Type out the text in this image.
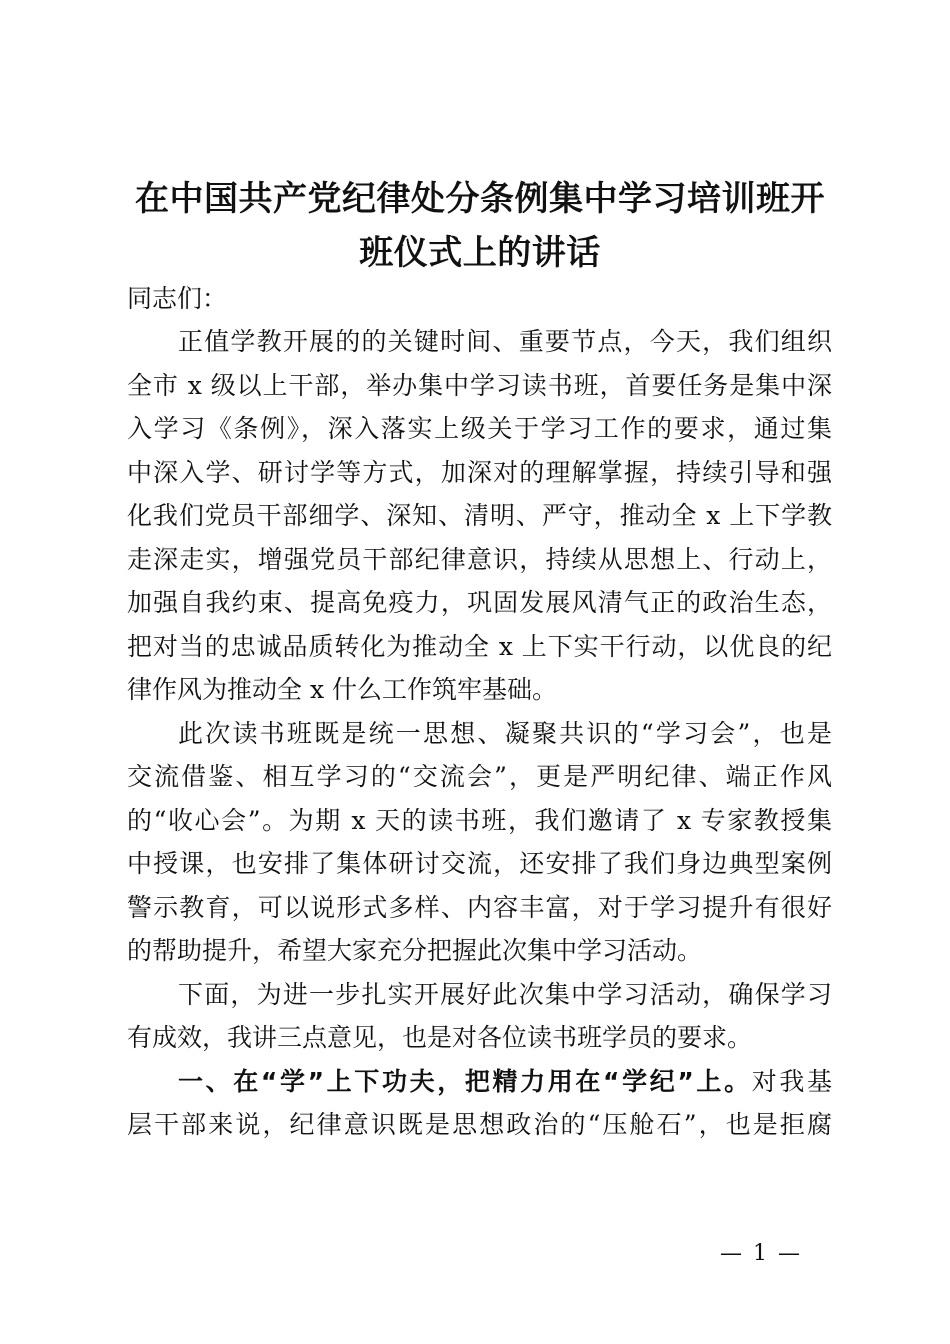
在中国共产党纪律处分条例集中学习培训班开
班仪式上的讲话

同志们：

正值学教开展的的关键时间、重要节点，今天，我们组织
全市 x 级以上干部，举办集中学习读书班，首要任务是集中深
入学习《条例》，深入落实上级关于学习工作的要求，通过集
中深入学、研讨学等方式，加深对的理解掌握，持续引导和强
化我们党员干部细学、深知、清明、严守，推动全 x 上下学教
走深走实，增强党员干部纪律意识，持续从思想上、行动上，
加强自我约束、提高免疫力，巩固发展风清气正的政治生态，
把对当的忠诚品质转化为推动全 x 上下实干行动，以优良的纪
律作风为推动全 x 什么工作筑牢基础。

此次读书班既是统一思想、凝聚共识的“学习会”，也是
交流借鉴、相互学习的“交流会”，更是严明纪律、端正作风
的“收心会”。为期 x 天的读书班，我们邀请了 x 专家教授集
中授课，也安排了集体研讨交流，还安排了我们身边典型案例
警示教育，可以说形式多样、内容丰富，对于学习提升有很好
的帮助提升，希望大家充分把握此次集中学习活动。

下面，为进一步扎实开展好此次集中学习活动，确保学习
有成效，我讲三点意见，也是对各位读书班学员的要求。

一、在“学”上下功夫，把精力用在“学纪”上。对我基
层干部来说，纪律意识既是思想政治的“压舱石”，也是拒腐

— 1 —
